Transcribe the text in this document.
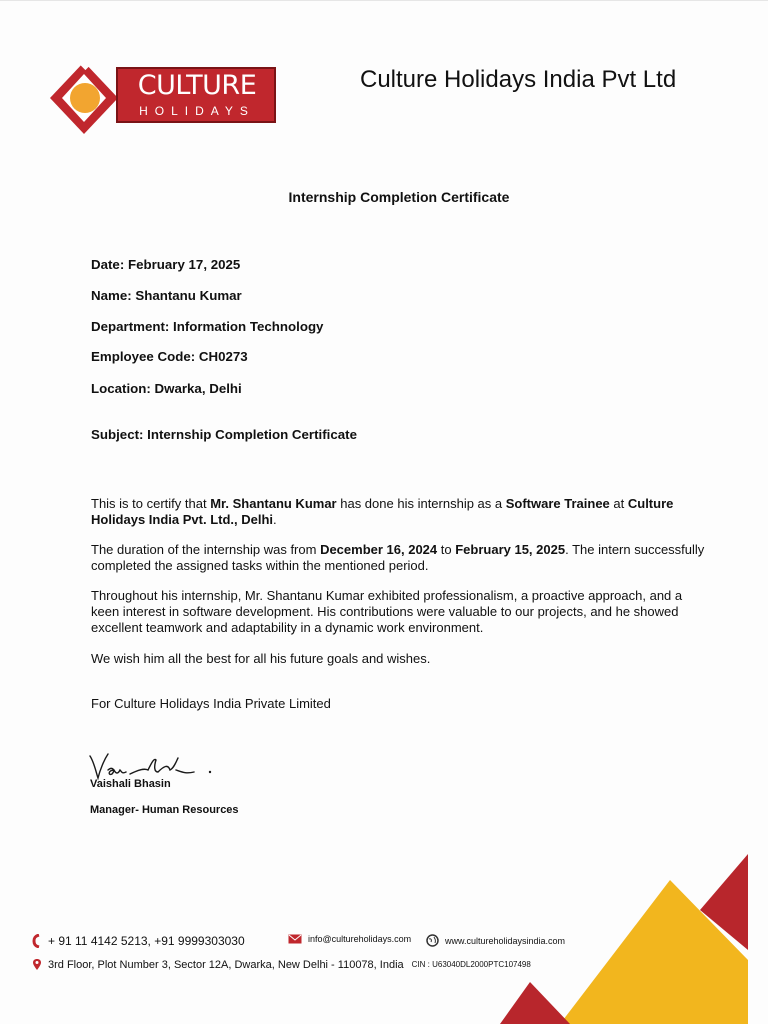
CULTURE
HOLIDAYS
Culture Holidays India Pvt Ltd
Internship Completion Certificate
Date: February 17, 2025
Name: Shantanu Kumar
Department: Information Technology
Employee Code: CH0273
Location: Dwarka, Delhi
Subject: Internship Completion Certificate

This is to certify that Mr. Shantanu Kumar has done his internship as a Software Trainee at Culture Holidays India Pvt. Ltd., Delhi.

The duration of the internship was from December 16, 2024 to February 15, 2025. The intern successfully completed the assigned tasks within the mentioned period.

Throughout his internship, Mr. Shantanu Kumar exhibited professionalism, a proactive approach, and a keen interest in software development. His contributions were valuable to our projects, and he showed excellent teamwork and adaptability in a dynamic work environment.

We wish him all the best for all his future goals and wishes.

For Culture Holidays India Private Limited

Vaishali Bhasin
Manager- Human Resources
+ 91 11 4142 5213, +91 9999303030	info@cultureholidays.com	www.cultureholidaysindia.com
3rd Floor, Plot Number 3, Sector 12A, Dwarka, New Delhi - 110078, India CIN : U63040DL2000PTC107498
